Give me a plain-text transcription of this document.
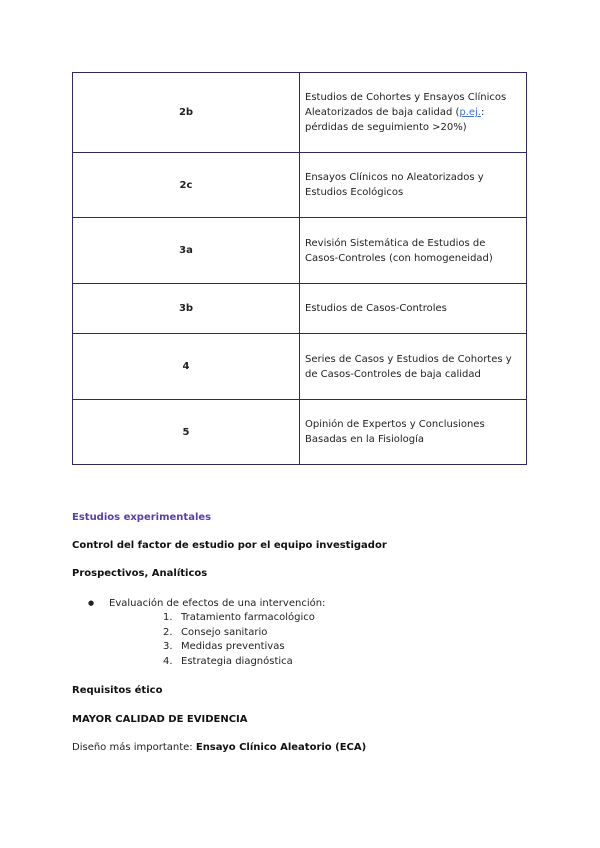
2b	Estudios de Cohortes y Ensayos Clínicos Aleatorizados de baja calidad (p.ej.: pérdidas de seguimiento >20%)
2c	Ensayos Clínicos no Aleatorizados y Estudios Ecológicos
3a	Revisión Sistemática de Estudios de Casos-Controles (con homogeneidad)
3b	Estudios de Casos-Controles
4	Series de Casos y Estudios de Cohortes y de Casos-Controles de baja calidad
5	Opinión de Expertos y Conclusiones Basadas en la Fisiología
Estudios experimentales
Control del factor de estudio por el equipo investigador
Prospectivos, Analíticos
● Evaluación de efectos de una intervención:
1. Tratamiento farmacológico
2. Consejo sanitario
3. Medidas preventivas
4. Estrategia diagnóstica
Requisitos ético
MAYOR CALIDAD DE EVIDENCIA
Diseño más importante: Ensayo Clínico Aleatorio (ECA)
